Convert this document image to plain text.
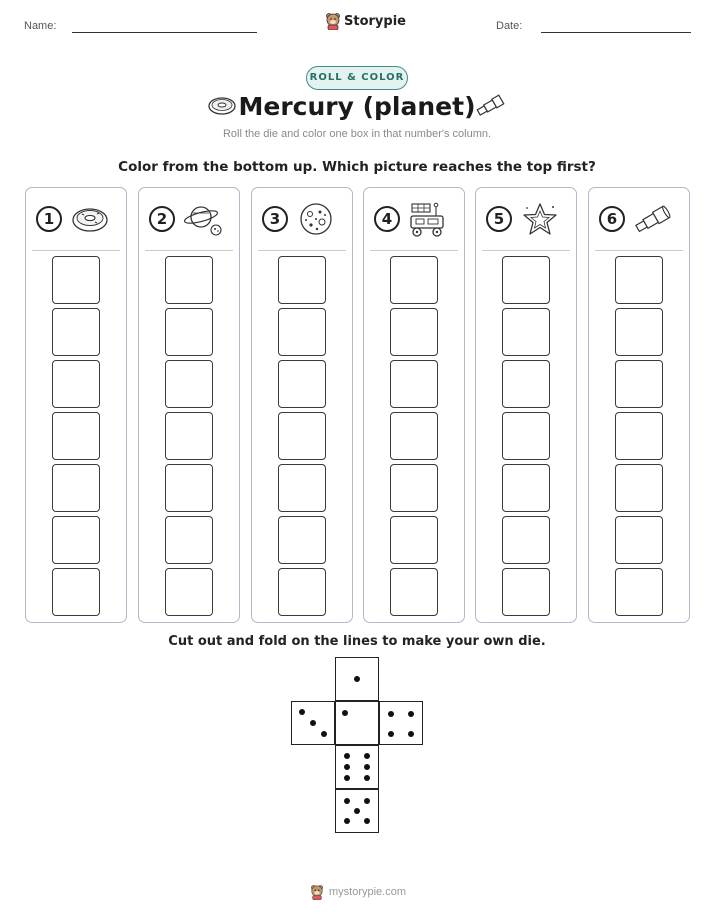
Name:	Storypie	Date:
ROLL & COLOR
Mercury (planet)
Roll the die and color one box in that number's column.
Color from the bottom up. Which picture reaches the top first?
1	2	3	4	5	6
Cut out and fold on the lines to make your own die.
mystorypie.com
